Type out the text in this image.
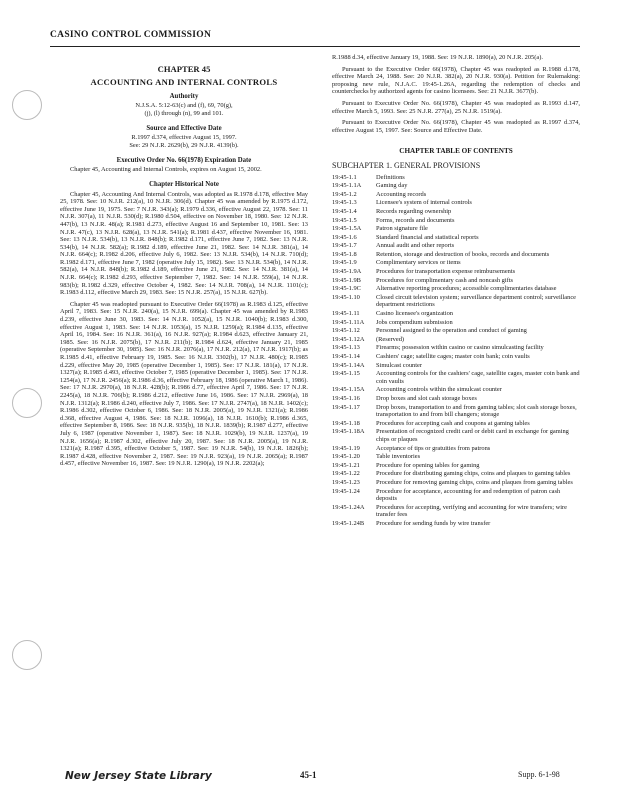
CASINO CONTROL COMMISSION
CHAPTER 45
ACCOUNTING AND INTERNAL CONTROLS
Authority
N.J.S.A. 5:12-63(c) and (f), 69, 70(g),
(j), (l) through (n), 99 and 101.
Source and Effective Date
R.1997 d.374, effective August 15, 1997.
See: 29 N.J.R. 2629(b), 29 N.J.R. 4139(b).
Executive Order No. 66(1978) Expiration Date

Chapter 45, Accounting and Internal Controls, expires on August 15, 2002.

Chapter Historical Note

Chapter 45, Accounting And Internal Controls, was adopted as R.1978 d.178, effective May 25, 1978. See: 10 N.J.R. 212(a), 10 N.J.R. 306(d). Chapter 45 was amended by R.1975 d.172, effective June 19, 1975. See: 7 N.J.R. 343(a); R.1979 d.336, effective August 22, 1978. See: 11 N.J.R. 307(a), 11 N.J.R. 530(d); R.1980 d.504, effective on November 18, 1980. See: 12 N.J.R. 447(b), 13 N.J.R. 48(a); R.1981 d.273, effective August 16 and September 10, 1981. See: 13 N.J.R. 47(c), 13 N.J.R. 628(a), 13 N.J.R. 541(a); R.1981 d.437, effective November 16, 1981. See: 13 N.J.R. 534(b), 13 N.J.R. 848(b); R.1982 d.171, effective June 7, 1982. See: 13 N.J.R. 534(b), 14 N.J.R. 582(a); R.1982 d.189, effective June 21, 1982. See: 14 N.J.R. 381(a), 14 N.J.R. 664(c); R.1982 d.206, effective July 6, 1982. See: 13 N.J.R. 534(b), 14 N.J.R. 710(d); R.1982 d.171, effective June 7, 1982 (operative July 15, 1982). See: 13 N.J.R. 534(b), 14 N.J.R. 582(a), 14 N.J.R. 848(b); R.1982 d.189, effective June 21, 1982. See: 14 N.J.R. 381(a), 14 N.J.R. 664(c); R.1982 d.293, effective September 7, 1982. See: 14 N.J.R. 559(a), 14 N.J.R. 983(b); R.1982 d.329, effective October 4, 1982. See: 14 N.J.R. 708(a), 14 N.J.R. 1101(c); R.1983 d.112, effective March 29, 1983. See: 15 N.J.R. 257(a), 15 N.J.R. 627(b).

Chapter 45 was readopted pursuant to Executive Order 66(1978) as R.1983 d.125, effective April 7, 1983. See: 15 N.J.R. 240(a), 15 N.J.R. 699(a). Chapter 45 was amended by R.1983 d.239, effective June 30, 1983. See: 14 N.J.R. 1052(a), 15 N.J.R. 1040(b); R.1983 d.300, effective August 1, 1983. See: 14 N.J.R. 1053(a), 15 N.J.R. 1259(a); R.1984 d.135, effective April 16, 1984. See: 16 N.J.R. 361(a), 16 N.J.R. 927(a); R.1984 d.623, effective January 21, 1985. See: 16 N.J.R. 2075(b), 17 N.J.R. 211(b); R.1984 d.624, effective January 21, 1985 (operative September 30, 1985). See: 16 N.J.R. 2076(a), 17 N.J.R. 212(a), 17 N.J.R. 1917(b); as R.1985 d.41, effective February 19, 1985. See: 16 N.J.R. 3302(b), 17 N.J.R. 480(c); R.1985 d.229, effective May 20, 1985 (operative December 1, 1985). See: 17 N.J.R. 181(a), 17 N.J.R. 1327(a); R.1985 d.493, effective October 7, 1985 (operative December 1, 1985). See: 17 N.J.R. 1254(a), 17 N.J.R. 2456(a); R.1986 d.36, effective February 18, 1986 (operative March 1, 1986). See: 17 N.J.R. 2970(a), 18 N.J.R. 428(b); R.1986 d.77, effective April 7, 1986. See: 17 N.J.R. 2245(a), 18 N.J.R. 706(b); R.1986 d.212, effective June 16, 1986. See: 17 N.J.R. 2969(a), 18 N.J.R. 1312(a); R.1986 d.240, effective July 7, 1986. See: 17 N.J.R. 2747(a), 18 N.J.R. 1402(c); R.1986 d.302, effective October 6, 1986. See: 18 N.J.R. 2005(a), 19 N.J.R. 1321(a); R.1986 d.368, effective August 4, 1986. See: 18 N.J.R. 1096(a), 18 N.J.R. 1610(b); R.1986 d.365, effective September 8, 1986. See: 18 N.J.R. 935(b), 18 N.J.R. 1839(b); R.1987 d.277, effective July 6, 1987 (operative November 1, 1987). See: 18 N.J.R. 1029(b), 19 N.J.R. 1237(a), 19 N.J.R. 1656(a); R.1987 d.302, effective July 20, 1987. See: 18 N.J.R. 2005(a), 19 N.J.R. 1321(a); R.1987 d.395, effective October 5, 1987. See: 19 N.J.R. 54(b), 19 N.J.R. 1826(b); R.1987 d.428, effective November 2, 1987. See: 19 N.J.R. 923(a), 19 N.J.R. 2065(a); R.1987 d.457, effective November 16, 1987. See: 19 N.J.R. 1290(a), 19 N.J.R. 2202(a);

R.1988 d.34, effective January 19, 1988. See: 19 N.J.R. 1890(a), 20 N.J.R. 205(a).

Pursuant to the Executive Order 66(1978), Chapter 45 was readopted as R.1988 d.178, effective March 24, 1988. See: 20 N.J.R. 382(a), 20 N.J.R. 930(a). Petition for Rulemaking: proposing new rule, N.J.A.C. 19:45-1.26A, regarding the redemption of checks and counterchecks by authorized agents for casino licensees. See: 21 N.J.R. 3677(b).

Pursuant to Executive Order No. 66(1978), Chapter 45 was readopted as R.1993 d.147, effective March 5, 1993. See: 25 N.J.R. 277(a), 25 N.J.R. 1519(a).

Pursuant to Executive Order No. 66(1978), Chapter 45 was readopted as R.1997 d.374, effective August 15, 1997. See: Source and Effective Date.

CHAPTER TABLE OF CONTENTS
SUBCHAPTER 1. GENERAL PROVISIONS
19:45-1.1	Definitions
19:45-1.1A	Gaming day
19:45-1.2	Accounting records
19:45-1.3	Licensee's system of internal controls
19:45-1.4	Records regarding ownership
19:45-1.5	Forms, records and documents
19:45-1.5A	Patron signature file
19:45-1.6	Standard financial and statistical reports
19:45-1.7	Annual audit and other reports
19:45-1.8	Retention, storage and destruction of books, records and documents
19:45-1.9	Complimentary services or items
19:45-1.9A	Procedures for transportation expense reimbursements
19:45-1.9B	Procedures for complimentary cash and noncash gifts
19:45-1.9C	Alternative reporting procedures; accessible complimentaries database
19:45-1.10	Closed circuit television system; surveillance department control; surveillance department restrictions
19:45-1.11	Casino licensee's organization
19:45-1.11A	Jobs compendium submission
19:45-1.12	Personnel assigned to the operation and conduct of gaming
19:45-1.12A	(Reserved)
19:45-1.13	Firearms; possession within casino or casino simulcasting facility
19:45-1.14	Cashiers' cage; satellite cages; master coin bank; coin vaults
19:45-1.14A	Simulcast counter
19:45-1.15	Accounting controls for the cashiers' cage, satellite cages, master coin bank and coin vaults
19:45-1.15A	Accounting controls within the simulcast counter
19:45-1.16	Drop boxes and slot cash storage boxes
19:45-1.17	Drop boxes, transportation to and from gaming tables; slot cash storage boxes, transportation to and from bill changers; storage
19:45-1.18	Procedures for accepting cash and coupons at gaming tables
19:45-1.18A	Presentation of recognized credit card or debit card in exchange for gaming chips or plaques
19:45-1.19	Acceptance of tips or gratuities from patrons
19:45-1.20	Table inventories
19:45-1.21	Procedure for opening tables for gaming
19:45-1.22	Procedure for distributing gaming chips, coins and plaques to gaming tables
19:45-1.23	Procedure for removing gaming chips, coins and plaques from gaming tables
19:45-1.24	Procedure for acceptance, accounting for and redemption of patron cash deposits
19:45-1.24A	Procedures for accepting, verifying and accounting for wire transfers; wire transfer fees
19:45-1.24B	Procedure for sending funds by wire transfer
New Jersey State Library	45-1	Supp. 6-1-98
